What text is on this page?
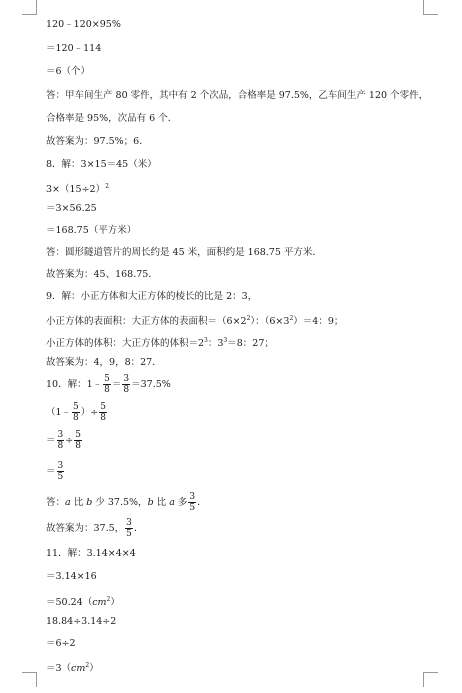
120﹣120×95%
＝120﹣114
＝6（个）
答：甲车间生产 80 零件，其中有 2 个次品，合格率是 97.5%，乙车间生产 120 个零件，
合格率是 95%，次品有 6 个．
故答案为：97.5%；6．
8．解：3×15＝45（米）
$3\times(15\div 2)^2$
＝3×56.25
＝168.75（平方米）
答：圆形隧道管片的周长约是 45 米，面积约是 168.75 平方米．
故答案为：45、168.75．
9．解：小正方体和大正方体的棱长的比是 2：3，
小正方体的表面积：大正方体的表面积$=(6\times 2^2)$：$(6\times 3^2)=4$：9；
小正方体的体积：大正方体的体积$=2^3$：$3^3=8$：27；
故答案为：4，9，8：27．
10．解：1﹣ $\frac{5}{8} = \frac{3}{8} =37.5\%$
（1﹣ $\frac{5}{8}$ ）÷ $\frac{5}{8}$
＝ $\frac{3}{8} \div \frac{5}{8}$
＝ $\frac{3}{5}$
答：a 比 b 少 37.5%，b 比 a 多 $\frac{3}{5}$ ．
故答案为：37.5， $\frac{3}{5}$ ．
11．解：3.14×4×4
＝3.14×16
$=50.24(cm^2)$
18.84÷3.14÷2
＝6÷2
$=3(cm^2)$
